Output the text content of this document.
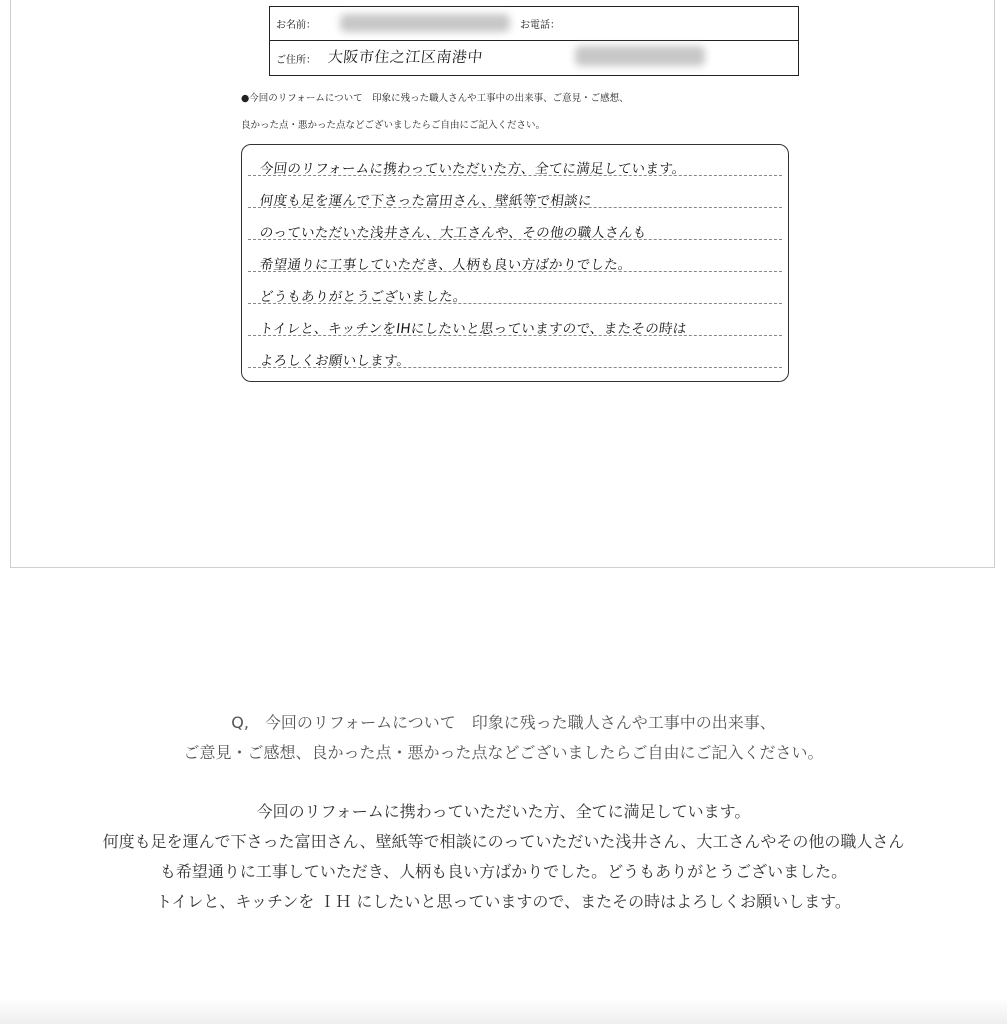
お名前：	お電話：
ご住所： 大阪市住之江区南港中
●今回のリフォームについて　印象に残った職人さんや工事中の出来事、ご意見・ご感想、
良かった点・悪かった点などございましたらご自由にご記入ください。
今回のリフォームに携わっていただいた方、全てに満足しています。
何度も足を運んで下さった富田さん、壁紙等で相談に
のっていただいた浅井さん、大工さんや、その他の職人さんも
希望通りに工事していただき、人柄も良い方ばかりでした。
どうもありがとうございました。
トイレと、キッチンをIHにしたいと思っていますので、またその時は
よろしくお願いします。
Q,　今回のリフォームについて　印象に残った職人さんや工事中の出来事、
ご意見・ご感想、良かった点・悪かった点などございましたらご自由にご記入ください。
今回のリフォームに携わっていただいた方、全てに満足しています。
何度も足を運んで下さった富田さん、壁紙等で相談にのっていただいた浅井さん、大工さんやその他の職人さん
も希望通りに工事していただき、人柄も良い方ばかりでした。どうもありがとうございました。
トイレと、キッチンを ＩＨ にしたいと思っていますので、またその時はよろしくお願いします。
